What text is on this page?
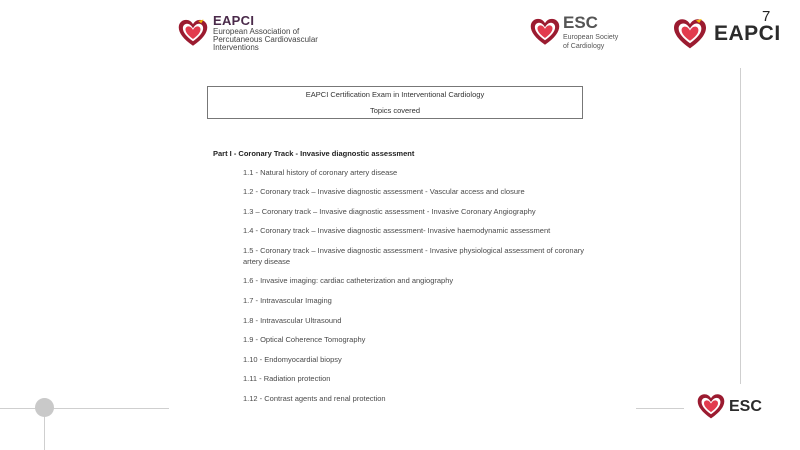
EAPCI
European Association of
Percutaneous Cardiovascular
Interventions
ESC
European Society
of Cardiology
EAPCI Certification Exam in Interventional Cardiology
Topics covered
Part I - Coronary Track - Invasive diagnostic assessment
1.1 - Natural history of coronary artery disease
1.2 - Coronary track – Invasive diagnostic assessment - Vascular access and closure
1.3 – Coronary track – Invasive diagnostic assessment - Invasive Coronary Angiography
1.4 - Coronary track – Invasive diagnostic assessment- Invasive haemodynamic assessment
1.5 - Coronary track – Invasive diagnostic assessment - Invasive physiological assessment of coronary artery disease
1.6 - Invasive imaging: cardiac catheterization and angiography
1.7 - Intravascular Imaging
1.8 - Intravascular Ultrasound
1.9 - Optical Coherence Tomography
1.10 - Endomyocardial biopsy
1.11 - Radiation protection
1.12 - Contrast agents and renal protection
7
EAPCI
ESC
